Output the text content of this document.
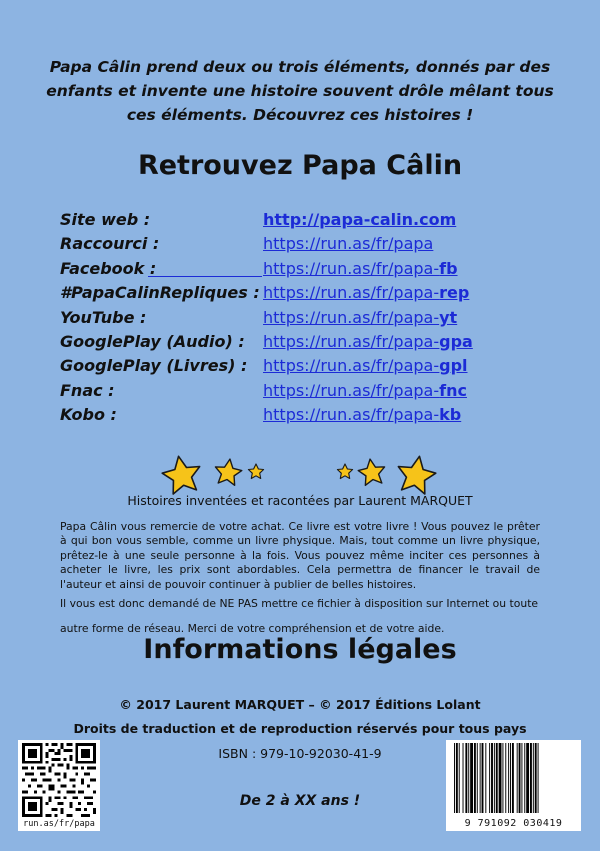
Papa Câlin prend deux ou trois éléments, donnés par des
enfants et invente une histoire souvent drôle mêlant tous
ces éléments. Découvrez ces histoires !
Retrouvez Papa Câlin
Site web :	http://papa-calin.com
Raccourci :	https://run.as/fr/papa
Facebook :	https://run.as/fr/papa-fb
#PapaCalinRepliques : https://run.as/fr/papa-rep
YouTube :	https://run.as/fr/papa-yt
GooglePlay (Audio) : https://run.as/fr/papa-gpa
GooglePlay (Livres) : https://run.as/fr/papa-gpl
Fnac :	https://run.as/fr/papa-fnc
Kobo :	https://run.as/fr/papa-kb
Histoires inventées et racontées par Laurent MARQUET
Papa Câlin vous remercie de votre achat. Ce livre est votre livre ! Vous pouvez le prêter à qui bon vous semble, comme un livre physique. Mais, tout comme un livre physique, prêtez-le à une seule personne à la fois. Vous pouvez même inciter ces personnes à acheter le livre, les prix sont abordables. Cela permettra de financer le travail de l'auteur et ainsi de pouvoir continuer à publier de belles histoires.
Il vous est donc demandé de NE PAS mettre ce fichier à disposition sur Internet ou toute
autre forme de réseau. Merci de votre compréhension et de votre aide.
Informations légales
© 2017 Laurent MARQUET – © 2017 Éditions Lolant
Droits de traduction et de reproduction réservés pour tous pays
ISBN : 979-10-92030-41-9
De 2 à XX ans !
run.as/fr/papa	9 791092 030419
